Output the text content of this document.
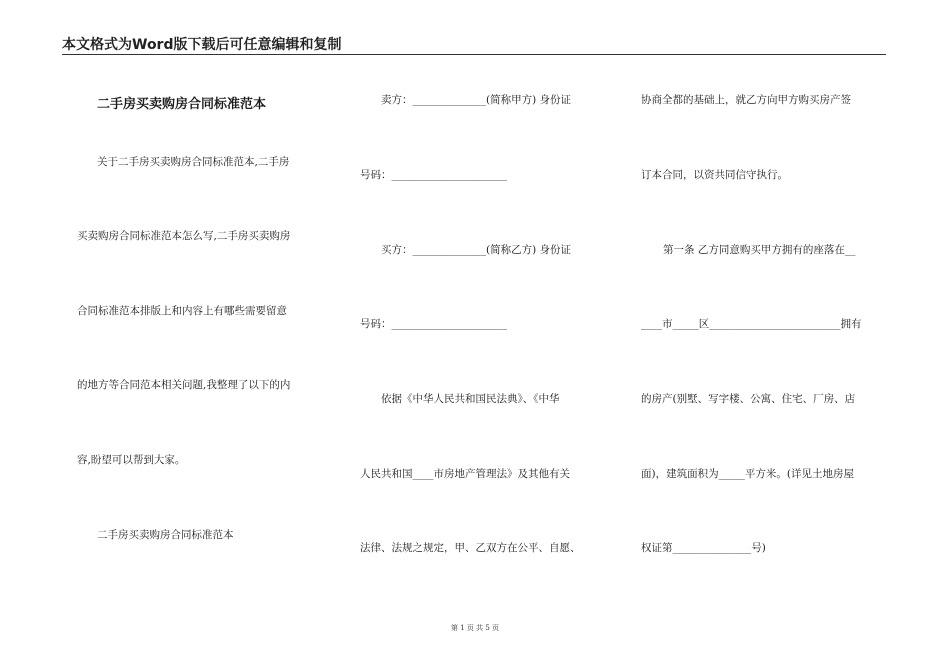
本文格式为Word版下载后可任意编辑和复制
二手房买卖购房合同标准范本
关于二手房买卖购房合同标准范本,二手房
买卖购房合同标准范本怎么写,二手房买卖购房
合同标准范本排版上和内容上有哪些需要留意
的地方等合同范本相关问题,我整理了以下的内
容,盼望可以帮到大家。
二手房买卖购房合同标准范本
卖方：______________(简称甲方) 身份证
号码：______________________
买方：______________(简称乙方) 身份证
号码：______________________
依据《中华人民共和国民法典》、《中华
人民共和国____市房地产管理法》及其他有关
法律、法规之规定，甲、乙双方在公平、自愿、
协商全都的基础上，就乙方向甲方购买房产签
订本合同，以资共同信守执行。
第一条 乙方同意购买甲方拥有的座落在__
____市_____区_________________________拥有
的房产(别墅、写字楼、公寓、住宅、厂房、店
面)，建筑面积为_____平方米。(详见土地房屋
权证第_______________号)
第 1 页 共 5 页
